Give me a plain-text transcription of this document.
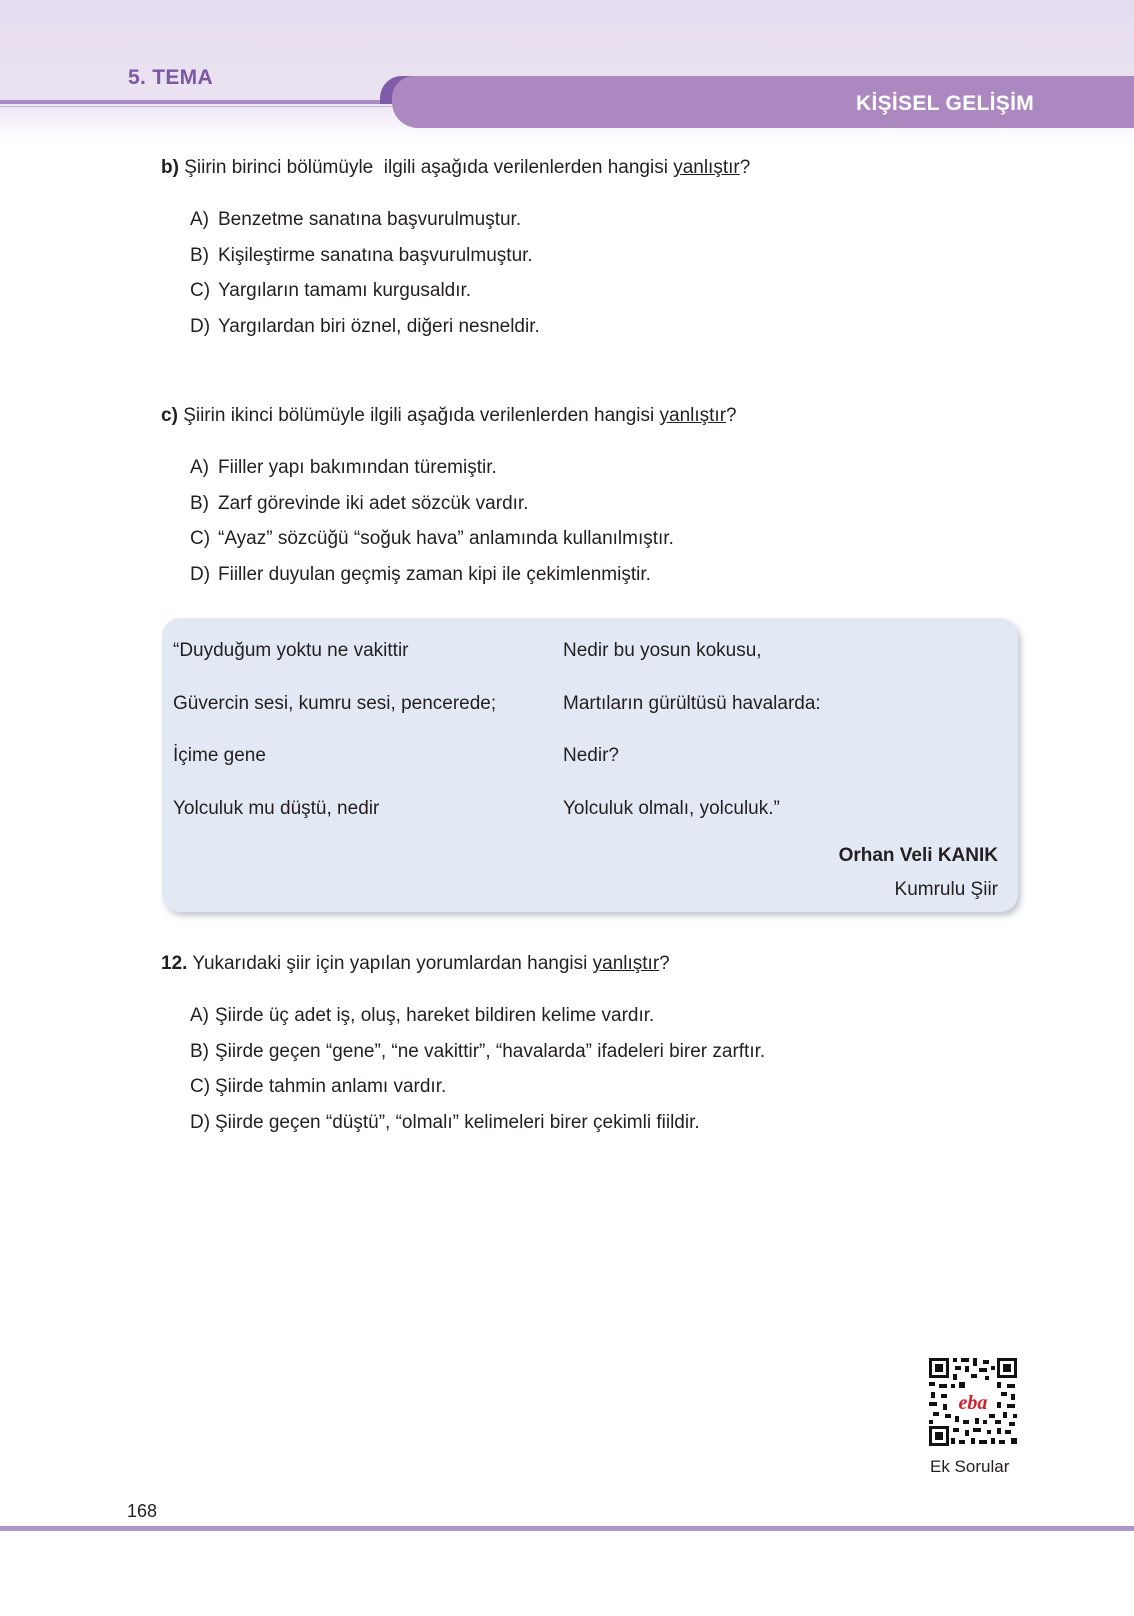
5. TEMA
KİŞİSEL GELİŞİM
b) Şiirin birinci bölümüyle  ilgili aşağıda verilenlerden hangisi yanlıştır?
A) Benzetme sanatına başvurulmuştur.
B) Kişileştirme sanatına başvurulmuştur.
C) Yargıların tamamı kurgusaldır.
D) Yargılardan biri öznel, diğeri nesneldir.
c) Şiirin ikinci bölümüyle ilgili aşağıda verilenlerden hangisi yanlıştır?
A) Fiiller yapı bakımından türemiştir.
B) Zarf görevinde iki adet sözcük vardır.
C) “Ayaz” sözcüğü “soğuk hava” anlamında kullanılmıştır.
D) Fiiller duyulan geçmiş zaman kipi ile çekimlenmiştir.
“Duyduğum yoktu ne vakittir
Güvercin sesi, kumru sesi, pencerede;
İçime gene
Yolculuk mu düştü, nedir
Nedir bu yosun kokusu,
Martıların gürültüsü havalarda:
Nedir?
Yolculuk olmalı, yolculuk.”
Orhan Veli KANIK
Kumrulu Şiir
12. Yukarıdaki şiir için yapılan yorumlardan hangisi yanlıştır?
A) Şiirde üç adet iş, oluş, hareket bildiren kelime vardır.
B) Şiirde geçen “gene”, “ne vakittir”, “havalarda” ifadeleri birer zarftır.
C) Şiirde tahmin anlamı vardır.
D) Şiirde geçen “düştü”, “olmalı” kelimeleri birer çekimli fiildir.
eba
Ek Sorular
168
